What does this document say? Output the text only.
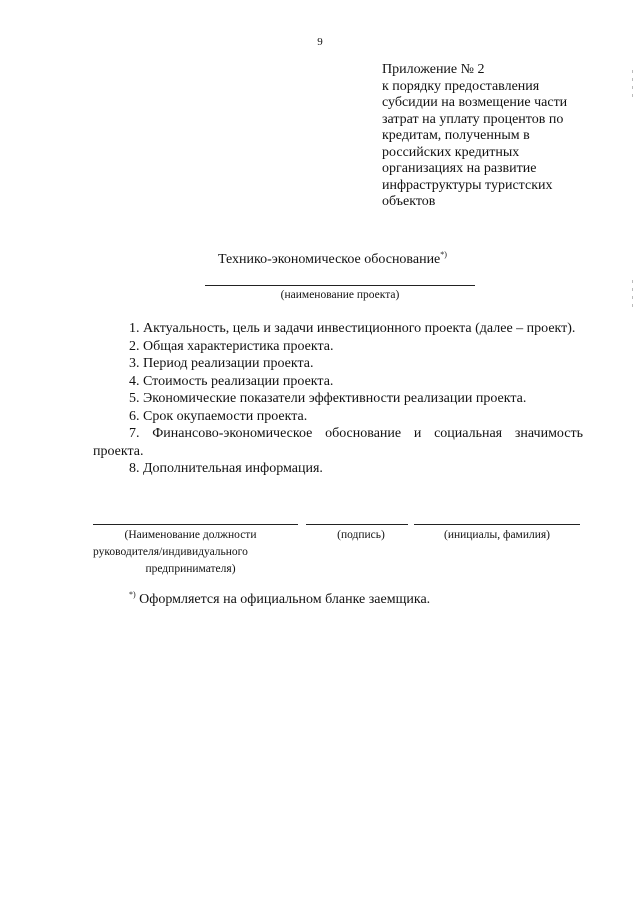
9
Приложение № 2
к порядку предоставления
субсидии на возмещение части
затрат на уплату процентов по
кредитам, полученным в
российских кредитных
организациях на развитие
инфраструктуры туристских
объектов
Технико-экономическое обоснование*)
(наименование проекта)
1. Актуальность, цель и задачи инвестиционного проекта (далее – проект).
2. Общая характеристика проекта.
3. Период реализации проекта.
4. Стоимость реализации проекта.
5. Экономические показатели эффективности реализации проекта.
6. Срок окупаемости проекта.
7. Финансово-экономическое обоснование и социальная значимость проекта.
8. Дополнительная информация.
(Наименование должности
руководителя/индивидуального
предпринимателя)
(подпись)	(инициалы, фамилия)
*) Оформляется на официальном бланке заемщика.
